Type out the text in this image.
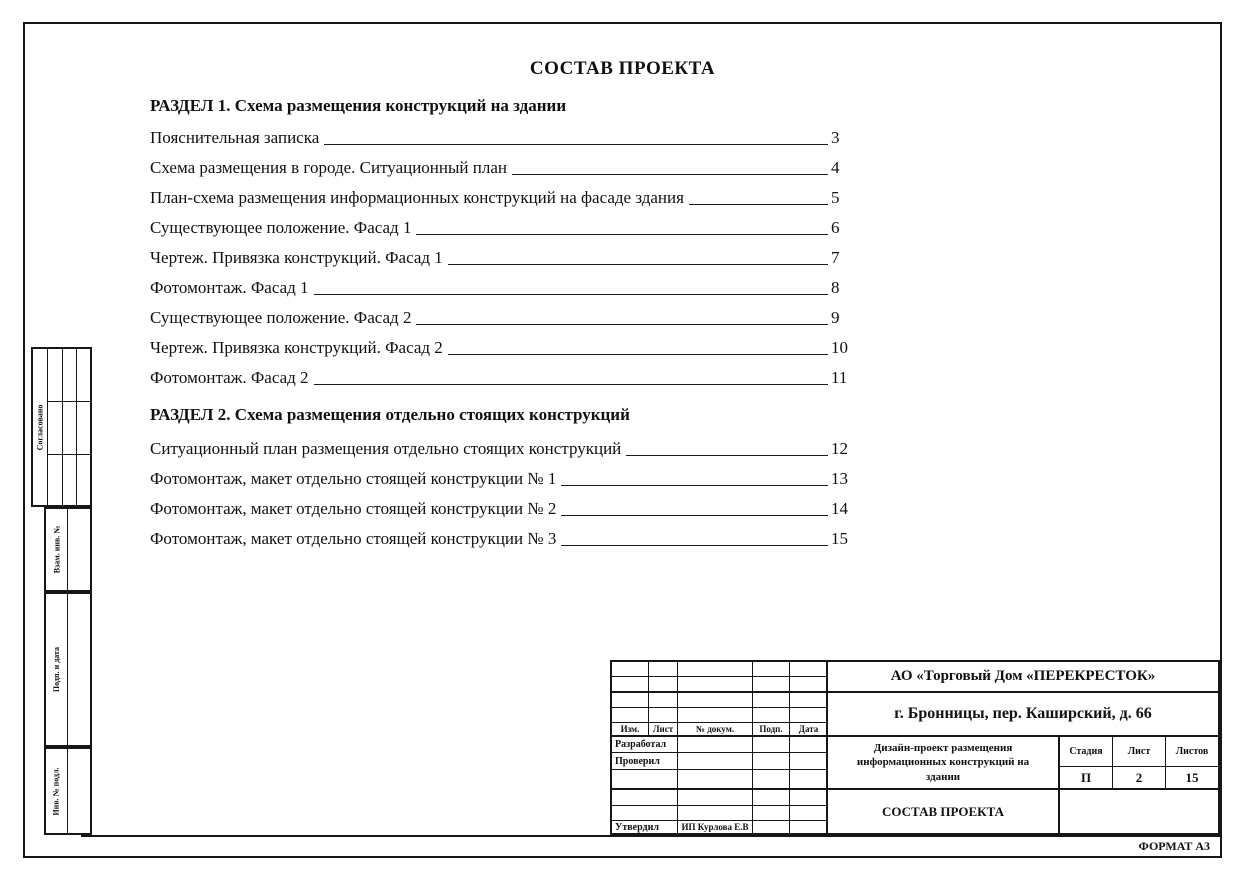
СОСТАВ ПРОЕКТА
РАЗДЕЛ 1. Схема размещения конструкций на здании
Пояснительная записка	3
Схема размещения в городе. Ситуационный план	4
План-схема размещения информационных конструкций на фасаде здания	5
Существующее положение. Фасад 1	6
Чертеж. Привязка конструкций. Фасад 1	7
Фотомонтаж. Фасад 1	8
Существующее положение. Фасад 2	9
Чертеж. Привязка конструкций. Фасад 2	10
Фотомонтаж. Фасад 2	11
РАЗДЕЛ 2. Схема размещения отдельно стоящих конструкций
Ситуационный план размещения отдельно стоящих конструкций	12
Фотомонтаж, макет отдельно стоящей конструкции № 1	13
Фотомонтаж, макет отдельно стоящей конструкции № 2	14
Фотомонтаж, макет отдельно стоящей конструкции № 3	15
Согласовано
Взам. инв. №
Подп. и дата
Инв. № подл.
Изм.	Лист	№ докум.	Подп.	Дата
Разработал
Проверил
Утвердил	ИП Курлова Е.В
АО «Торговый Дом «ПЕРЕКРЕСТОК»
г. Бронницы, пер. Каширский, д. 66
Дизайн-проект размещения информационных конструкций на здании
Стадия	Лист	Листов
П	2	15
СОСТАВ ПРОЕКТА
ФОРМАТ А3
